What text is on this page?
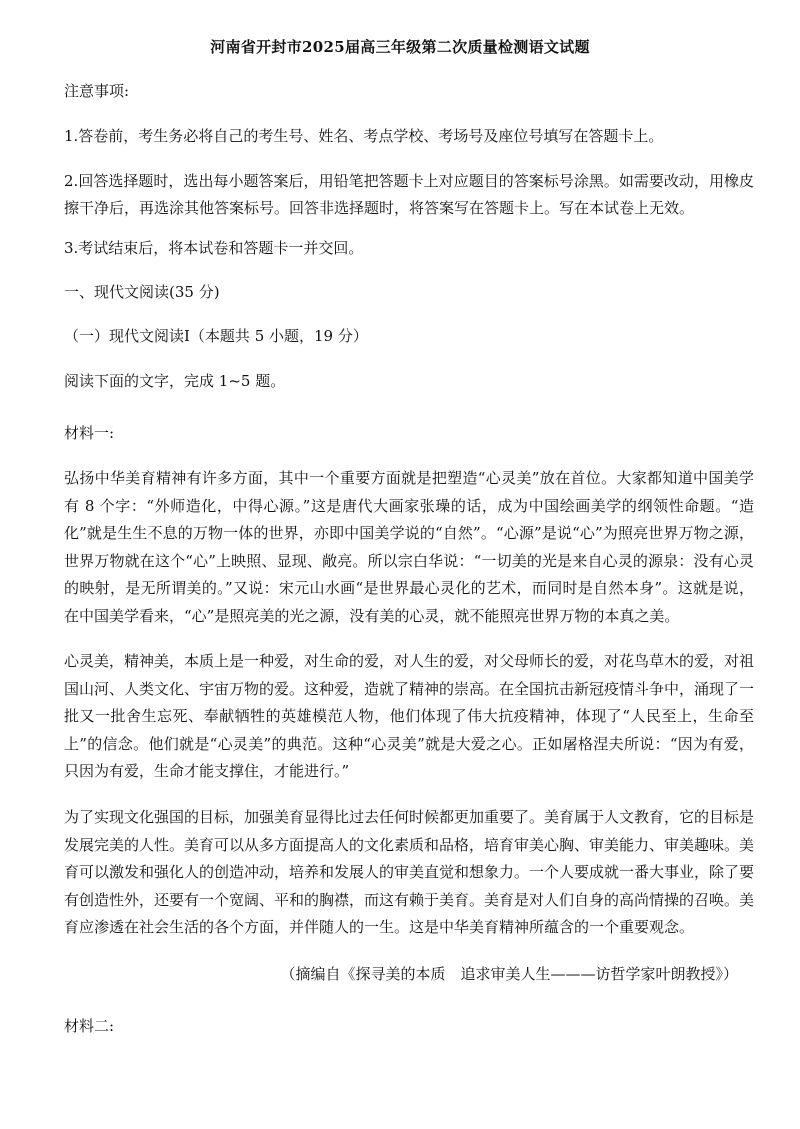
河南省开封市2025届高三年级第二次质量检测语文试题
注意事项:
1.答卷前，考生务必将自己的考生号、姓名、考点学校、考场号及座位号填写在答题卡上。
2.回答选择题时，选出每小题答案后，用铅笔把答题卡上对应题目的答案标号涂黑。如需要改动，用橡皮擦干净后，再选涂其他答案标号。回答非选择题时，将答案写在答题卡上。写在本试卷上无效。
3.考试结束后，将本试卷和答题卡一并交回。
一、现代文阅读(35 分)
（一）现代文阅读Ⅰ（本题共 5 小题，19 分）
阅读下面的文字，完成 1~5 题。
材料一:
弘扬中华美育精神有许多方面，其中一个重要方面就是把塑造“心灵美”放在首位。大家都知道中国美学有 8 个字：“外师造化，中得心源。”这是唐代大画家张璪的话，成为中国绘画美学的纲领性命题。“造化”就是生生不息的万物一体的世界，亦即中国美学说的“自然”。“心源”是说“心”为照亮世界万物之源，世界万物就在这个“心”上映照、显现、敞亮。所以宗白华说：“一切美的光是来自心灵的源泉：没有心灵的映射，是无所谓美的。”又说：宋元山水画“是世界最心灵化的艺术，而同时是自然本身”。这就是说，在中国美学看来，“心”是照亮美的光之源，没有美的心灵，就不能照亮世界万物的本真之美。
心灵美，精神美，本质上是一种爱，对生命的爱，对人生的爱，对父母师长的爱，对花鸟草木的爱，对祖国山河、人类文化、宇宙万物的爱。这种爱，造就了精神的崇高。在全国抗击新冠疫情斗争中，涌现了一批又一批舍生忘死、奉献牺牲的英雄模范人物，他们体现了伟大抗疫精神，体现了“人民至上，生命至上”的信念。他们就是“心灵美”的典范。这种“心灵美”就是大爱之心。正如屠格涅夫所说：“因为有爱，只因为有爱，生命才能支撑住，才能进行。”
为了实现文化强国的目标，加强美育显得比过去任何时候都更加重要了。美育属于人文教育，它的目标是发展完美的人性。美育可以从多方面提高人的文化素质和品格，培育审美心胸、审美能力、审美趣味。美育可以激发和强化人的创造冲动，培养和发展人的审美直觉和想象力。一个人要成就一番大事业，除了要有创造性外，还要有一个宽阔、平和的胸襟，而这有赖于美育。美育是对人们自身的高尚情操的召唤。美育应渗透在社会生活的各个方面，并伴随人的一生。这是中华美育精神所蕴含的一个重要观念。
（摘编自《探寻美的本质　追求审美人生———访哲学家叶朗教授》）
材料二:
